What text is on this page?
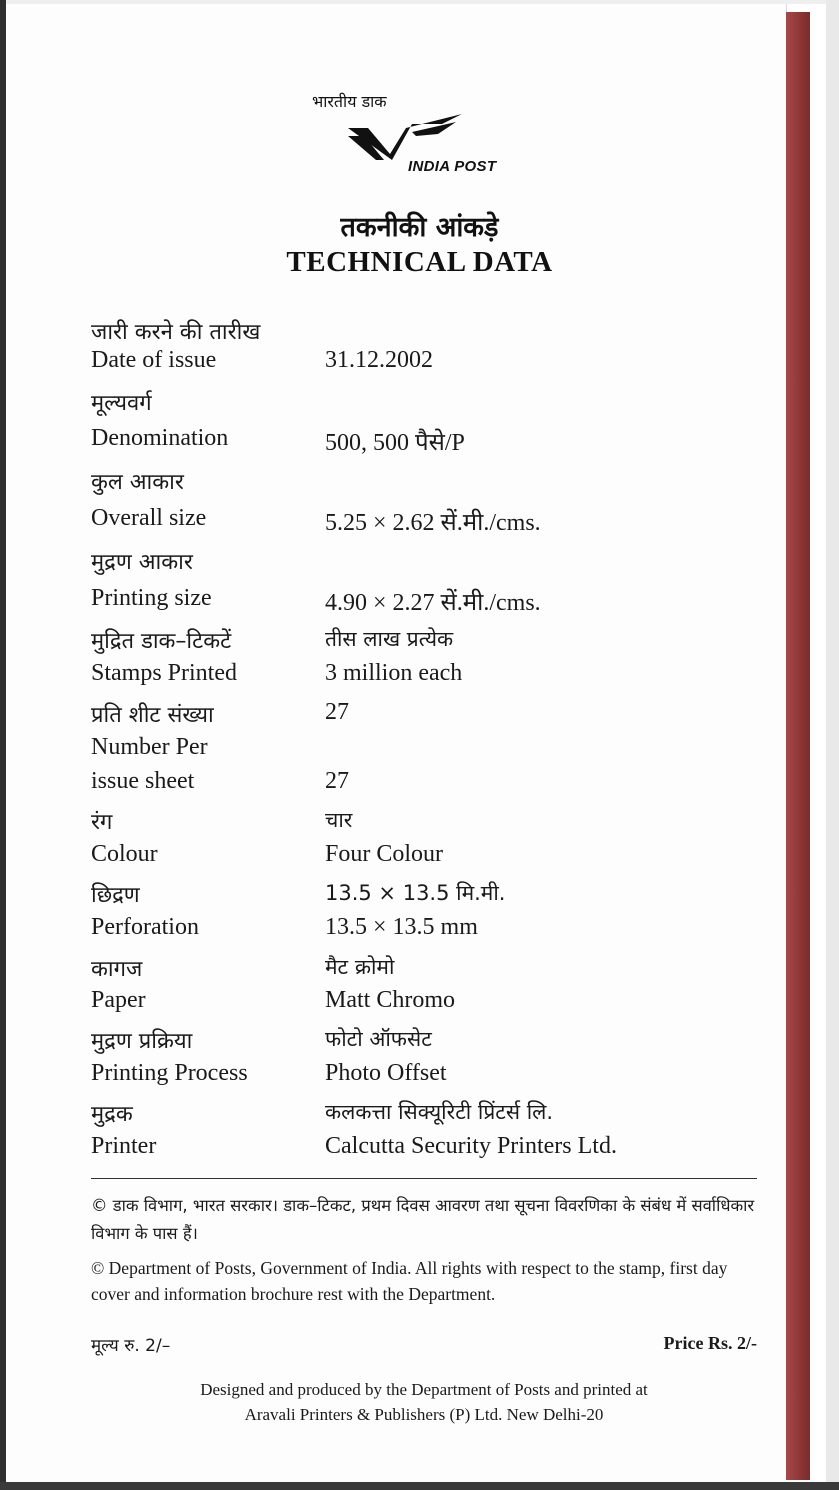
भारतीय डाक
INDIA POST
तकनीकी आंकड़े
TECHNICAL DATA
जारी करने की तारीख
Date of issue	31.12.2002
मूल्यवर्ग
Denomination	500, 500 पैसे/P
कुल आकार
Overall size	5.25 × 2.62 सें.मी./cms.
मुद्रण आकार
Printing size	4.90 × 2.27 सें.मी./cms.
मुद्रित डाक–टिकटें	तीस लाख प्रत्येक
Stamps Printed	3 million each
प्रति शीट संख्या	27
Number Per
issue sheet	27
रंग	चार
Colour	Four Colour
छिद्रण	13.5 × 13.5 मि.मी.
Perforation	13.5 × 13.5 mm
कागज	मैट क्रोमो
Paper	Matt Chromo
मुद्रण प्रक्रिया	फोटो ऑफसेट
Printing Process	Photo Offset
मुद्रक	कलकत्ता सिक्यूरिटी प्रिंटर्स लि.
Printer	Calcutta Security Printers Ltd.
© डाक विभाग, भारत सरकार। डाक–टिकट, प्रथम दिवस आवरण तथा सूचना विवरणिका के संबंध में सर्वाधिकार विभाग के पास हैं।
© Department of Posts, Government of India. All rights with respect to the stamp, first day cover and information brochure rest with the Department.
मूल्य रु. 2/–	Price Rs. 2/-
Designed and produced by the Department of Posts and printed at
Aravali Printers & Publishers (P) Ltd. New Delhi-20
